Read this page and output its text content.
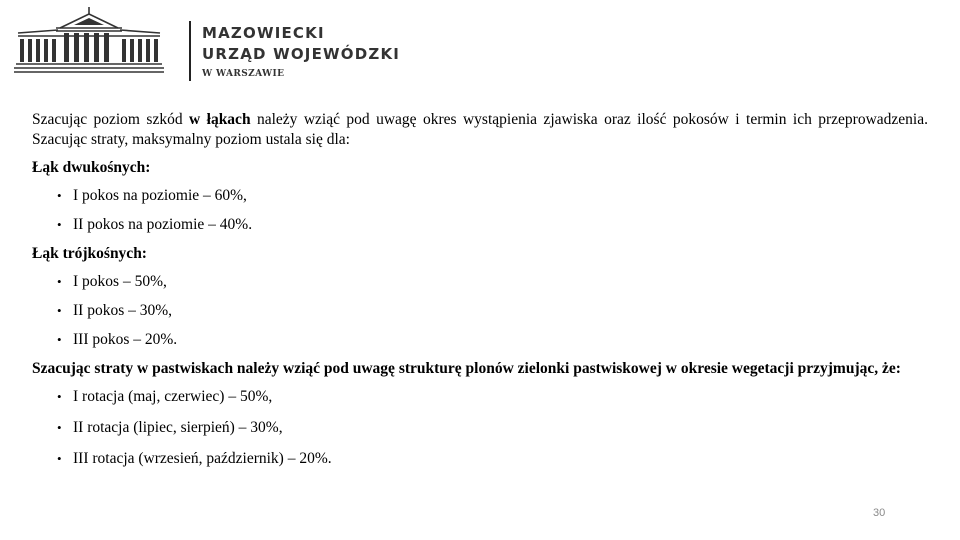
MAZOWIECKI
URZĄD WOJEWÓDZKI
W WARSZAWIE

Szacując poziom szkód w łąkach należy wziąć pod uwagę okres wystąpienia zjawiska oraz ilość pokosów i termin ich przeprowadzenia. Szacując straty, maksymalny poziom ustala się dla:

Łąk dwukośnych:

• I pokos na poziomie – 60%,
• II pokos na poziomie – 40%.

Łąk trójkośnych:

• I pokos – 50%,
• II pokos – 30%,
• III pokos – 20%.

Szacując straty w pastwiskach należy wziąć pod uwagę strukturę plonów zielonki pastwiskowej w okresie wegetacji przyjmując, że:

• I rotacja (maj, czerwiec) – 50%,
• II rotacja (lipiec, sierpień) – 30%,
• III rotacja (wrzesień, październik) – 20%.
30
